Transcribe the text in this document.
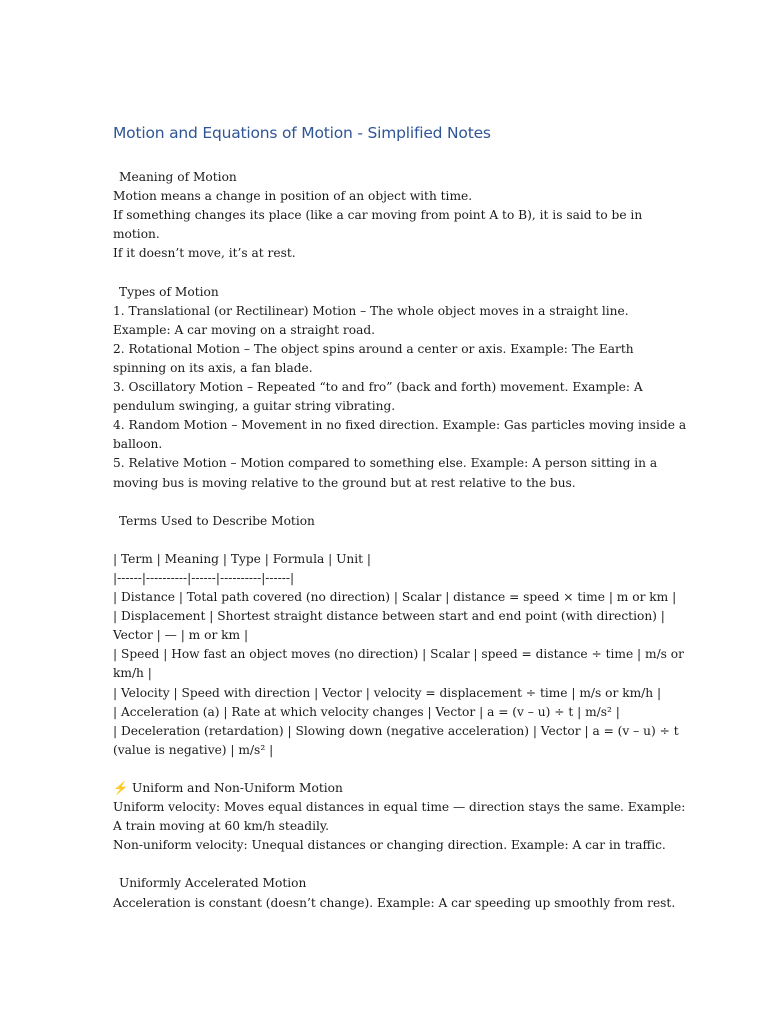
Motion and Equations of Motion - Simplified Notes
Meaning of Motion
Motion means a change in position of an object with time.
If something changes its place (like a car moving from point A to B), it is said to be in
motion.
If it doesn’t move, it’s at rest.
Types of Motion
1. Translational (or Rectilinear) Motion – The whole object moves in a straight line.
Example: A car moving on a straight road.
2. Rotational Motion – The object spins around a center or axis. Example: The Earth
spinning on its axis, a fan blade.
3. Oscillatory Motion – Repeated “to and fro” (back and forth) movement. Example: A
pendulum swinging, a guitar string vibrating.
4. Random Motion – Movement in no fixed direction. Example: Gas particles moving inside a
balloon.
5. Relative Motion – Motion compared to something else. Example: A person sitting in a
moving bus is moving relative to the ground but at rest relative to the bus.
Terms Used to Describe Motion
| Term | Meaning | Type | Formula | Unit |
|------|----------|------|----------|------|
| Distance | Total path covered (no direction) | Scalar | distance = speed × time | m or km |
| Displacement | Shortest straight distance between start and end point (with direction) |
Vector | — | m or km |
| Speed | How fast an object moves (no direction) | Scalar | speed = distance ÷ time | m/s or
km/h |
| Velocity | Speed with direction | Vector | velocity = displacement ÷ time | m/s or km/h |
| Acceleration (a) | Rate at which velocity changes | Vector | a = (v – u) ÷ t | m/s² |
| Deceleration (retardation) | Slowing down (negative acceleration) | Vector | a = (v – u) ÷ t
(value is negative) | m/s² |
⚡ Uniform and Non-Uniform Motion
Uniform velocity: Moves equal distances in equal time — direction stays the same. Example:
A train moving at 60 km/h steadily.
Non-uniform velocity: Unequal distances or changing direction. Example: A car in traffic.
Uniformly Accelerated Motion
Acceleration is constant (doesn’t change). Example: A car speeding up smoothly from rest.
